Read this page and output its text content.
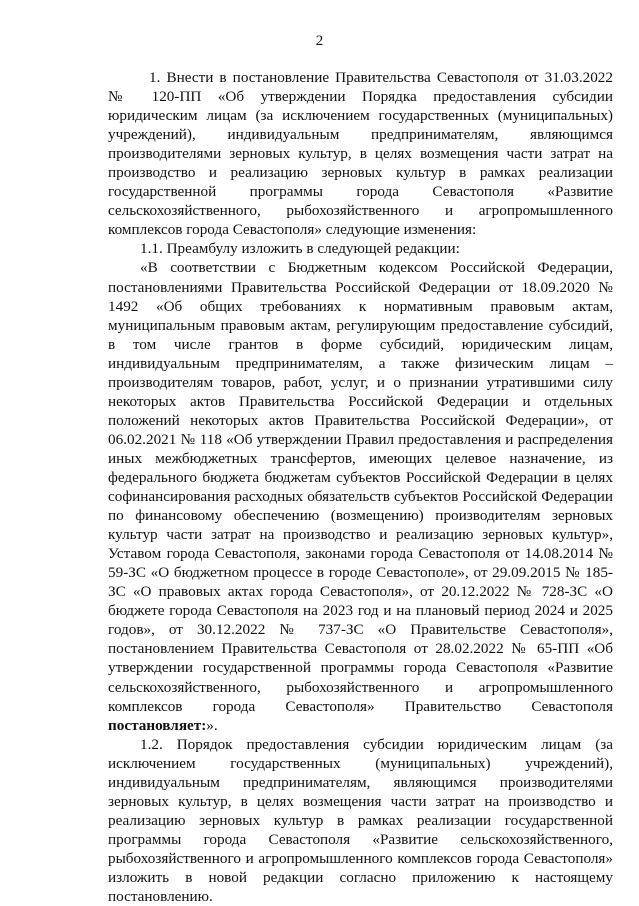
2

1. Внести в постановление Правительства Севастополя от 31.03.2022 № 120-ПП «Об утверждении Порядка предоставления субсидии юридическим лицам (за исключением государственных (муниципальных) учреждений), индивидуальным предпринимателям, являющимся производителями зерновых культур, в целях возмещения части затрат на производство и реализацию зерновых культур в рамках реализации государственной программы города Севастополя «Развитие сельскохозяйственного, рыбохозяйственного и агропромышленного комплексов города Севастополя» следующие изменения:

1.1. Преамбулу изложить в следующей редакции:

«В соответствии с Бюджетным кодексом Российской Федерации, постановлениями Правительства Российской Федерации от 18.09.2020 № 1492 «Об общих требованиях к нормативным правовым актам, муниципальным правовым актам, регулирующим предоставление субсидий, в том числе грантов в форме субсидий, юридическим лицам, индивидуальным предпринимателям, а также физическим лицам – производителям товаров, работ, услуг, и о признании утратившими силу некоторых актов Правительства Российской Федерации и отдельных положений некоторых актов Правительства Российской Федерации», от 06.02.2021 № 118 «Об утверждении Правил предоставления и распределения иных межбюджетных трансфертов, имеющих целевое назначение, из федерального бюджета бюджетам субъектов Российской Федерации в целях софинансирования расходных обязательств субъектов Российской Федерации по финансовому обеспечению (возмещению) производителям зерновых культур части затрат на производство и реализацию зерновых культур», Уставом города Севастополя, законами города Севастополя от 14.08.2014 № 59-ЗС «О бюджетном процессе в городе Севастополе», от 29.09.2015 № 185-ЗС «О правовых актах города Севастополя», от 20.12.2022 № 728-ЗС «О бюджете города Севастополя на 2023 год и на плановый период 2024 и 2025 годов», от 30.12.2022 № 737-ЗС «О Правительстве Севастополя», постановлением Правительства Севастополя от 28.02.2022 № 65-ПП «Об утверждении государственной программы города Севастополя «Развитие сельскохозяйственного, рыбохозяйственного и агропромышленного комплексов города Севастополя» Правительство Севастополя постановляет:».

1.2. Порядок предоставления субсидии юридическим лицам (за исключением государственных (муниципальных) учреждений), индивидуальным предпринимателям, являющимся производителями зерновых культур, в целях возмещения части затрат на производство и реализацию зерновых культур в рамках реализации государственной программы города Севастополя «Развитие сельскохозяйственного, рыбохозяйственного и агропромышленного комплексов города Севастополя» изложить в новой редакции согласно приложению к настоящему постановлению.
